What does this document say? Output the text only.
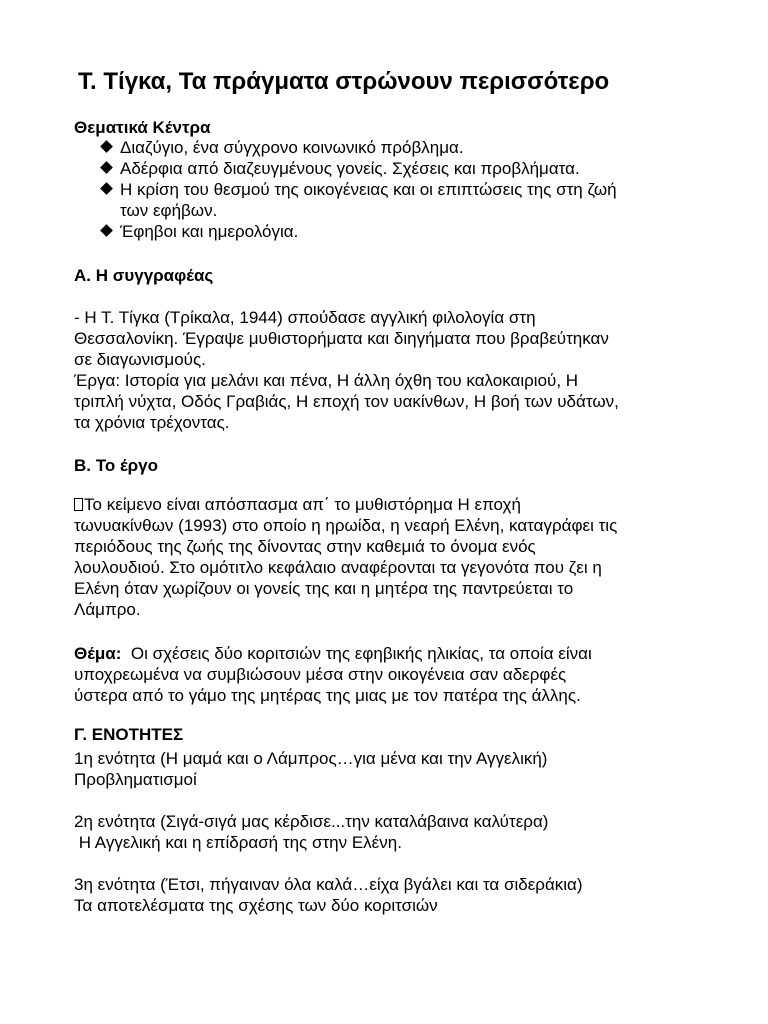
Τ. Τίγκα, Τα πράγματα στρώνουν περισσότερο
Θεματικά Κέντρα
Διαζύγιο, ένα σύγχρονο κοινωνικό πρόβλημα.
Αδέρφια από διαζευγμένους γονείς. Σχέσεις και προβλήματα.
Η κρίση του θεσμού της οικογένειας και οι επιπτώσεις της στη ζωή
των εφήβων.
Έφηβοι και ημερολόγια.
Α. Η συγγραφέας
- Η Τ. Τίγκα (Τρίκαλα, 1944) σπούδασε αγγλική φιλολογία στη
Θεσσαλονίκη. Έγραψε μυθιστορήματα και διηγήματα που βραβεύτηκαν
σε διαγωνισμούς.
Έργα: Ιστορία για μελάνι και πένα, Η άλλη όχθη του καλοκαιριού, Η
τριπλή νύχτα, Οδός Γραβιάς, Η εποχή τον υακίνθων, Η βοή των υδάτων,
τα χρόνια τρέχοντας.
Β. Το έργο
Το κείμενο είναι απόσπασμα απ΄ το μυθιστόρημα Η εποχή
τωνυακίνθων (1993) στο οποίο η ηρωίδα, η νεαρή Ελένη, καταγράφει τις
περιόδους της ζωής της δίνοντας στην καθεμιά το όνομα ενός
λουλουδιού. Στο ομότιτλο κεφάλαιο αναφέρονται τα γεγονότα που ζει η
Ελένη όταν χωρίζουν οι γονείς της και η μητέρα της παντρεύεται το
Λάμπρο.
Θέμα:  Οι σχέσεις δύο κοριτσιών της εφηβικής ηλικίας, τα οποία είναι
υποχρεωμένα να συμβιώσουν μέσα στην οικογένεια σαν αδερφές
ύστερα από το γάμο της μητέρας της μιας με τον πατέρα της άλλης.
Γ. ΕΝΟΤΗΤΕΣ
1η ενότητα (Η μαμά και ο Λάμπρος…για μένα και την Αγγελική)
Προβληματισμοί
2η ενότητα (Σιγά-σιγά μας κέρδισε...την καταλάβαινα καλύτερα)
Η Αγγελική και η επίδρασή της στην Ελένη.
3η ενότητα (Έτσι, πήγαιναν όλα καλά…είχα βγάλει και τα σιδεράκια)
Τα αποτελέσματα της σχέσης των δύο κοριτσιών
